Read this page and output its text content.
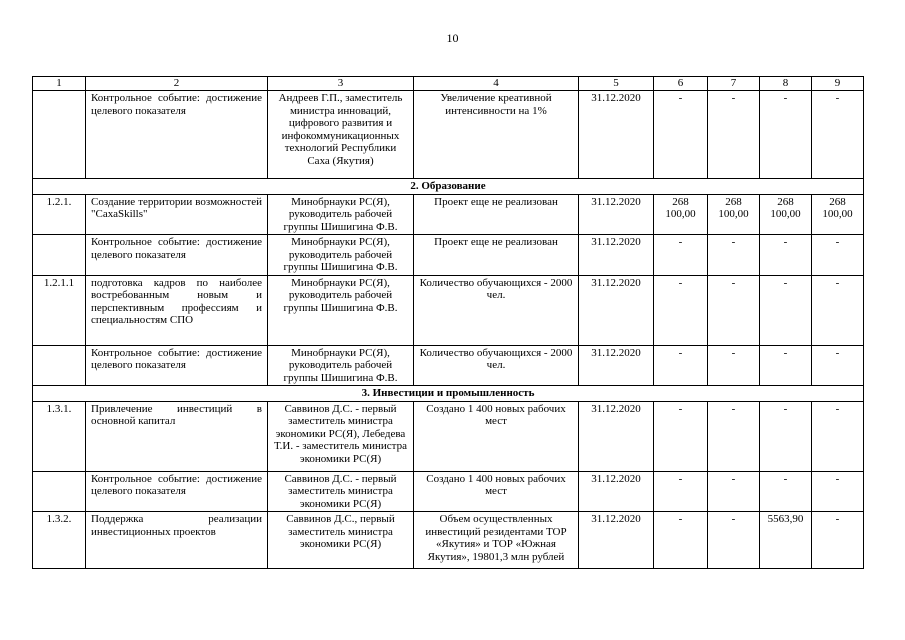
10
1	2	3	4	5	6	7	8	9
	Контрольное событие: достижение целевого показателя	Андреев Г.П., заместитель министра инноваций, цифрового развития и инфокоммуникационных технологий Республики Саха (Якутия)	Увеличение креативной интенсивности на 1%	31.12.2020	-	-	-	-
2. Образование								
1.2.1.	Создание территории возможностей "СахаSkills"	Минобрнауки РС(Я), руководитель рабочей группы Шишигина Ф.В.	Проект еще не реализован	31.12.2020	268 100,00	268 100,00	268 100,00	268 100,00
	Контрольное событие: достижение целевого показателя	Минобрнауки РС(Я), руководитель рабочей группы Шишигина Ф.В.	Проект еще не реализован	31.12.2020	-	-	-	-
1.2.1.1	подготовка кадров по наиболее востребованным новым и перспективным профессиям и специальностям СПО	Минобрнауки РС(Я), руководитель рабочей группы Шишигина Ф.В.	Количество обучающихся - 2000 чел.	31.12.2020	-	-	-	-
	Контрольное событие: достижение целевого показателя	Минобрнауки РС(Я), руководитель рабочей группы Шишигина Ф.В.	Количество обучающихся - 2000 чел.	31.12.2020	-	-	-	-
3. Инвестиции и промышленность								
1.3.1.	Привлечение инвестиций в основной капитал	Саввинов Д.С. - первый заместитель министра экономики РС(Я), Лебедева Т.И. - заместитель министра экономики РС(Я)	Создано 1 400 новых рабочих мест	31.12.2020	-	-	-	-
	Контрольное событие: достижение целевого показателя	Саввинов Д.С. - первый заместитель министра экономики РС(Я)	Создано 1 400 новых рабочих мест	31.12.2020	-	-	-	-
1.3.2.	Поддержка реализации инвестиционных проектов	Саввинов Д.С., первый заместитель министра экономики РС(Я)	Объем осуществленных инвестиций резидентами ТОР «Якутия» и ТОР «Южная Якутия», 19801,3 млн рублей	31.12.2020	-	-	5563,90	-
